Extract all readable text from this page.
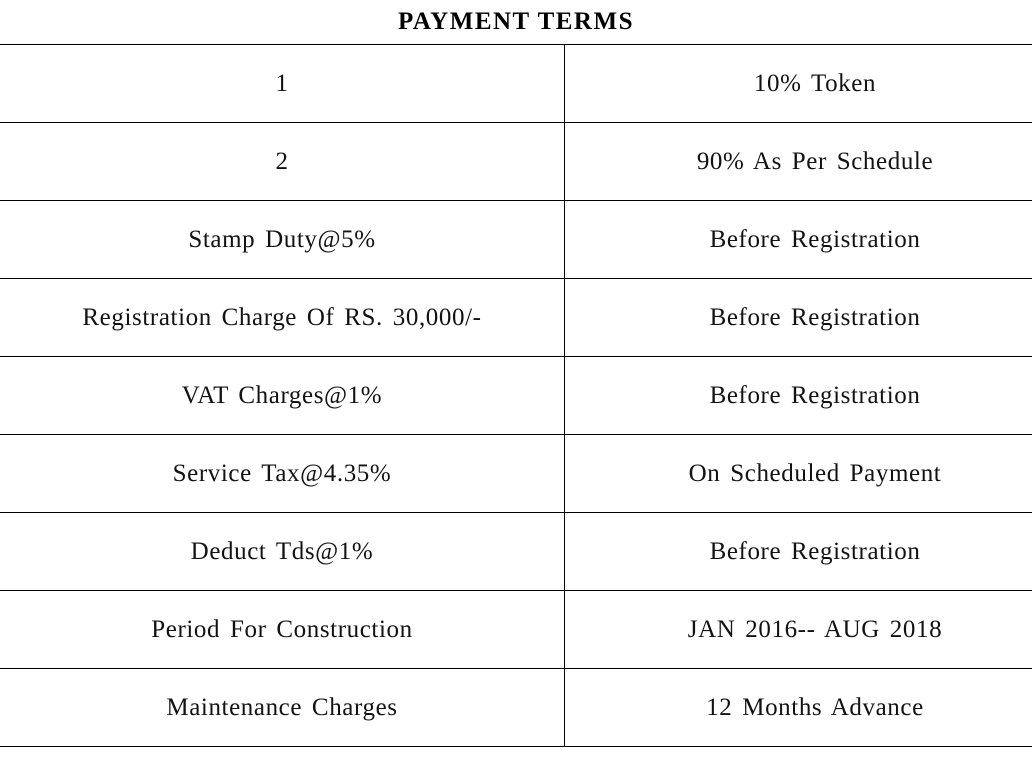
PAYMENT TERMS
1	10% Token
2	90% As Per Schedule
Stamp Duty@5%	Before Registration
Registration Charge Of RS. 30,000/-	Before Registration
VAT Charges@1%	Before Registration
Service Tax@4.35%	On Scheduled Payment
Deduct Tds@1%	Before Registration
Period For Construction	JAN 2016-- AUG 2018
Maintenance Charges	12 Months Advance
